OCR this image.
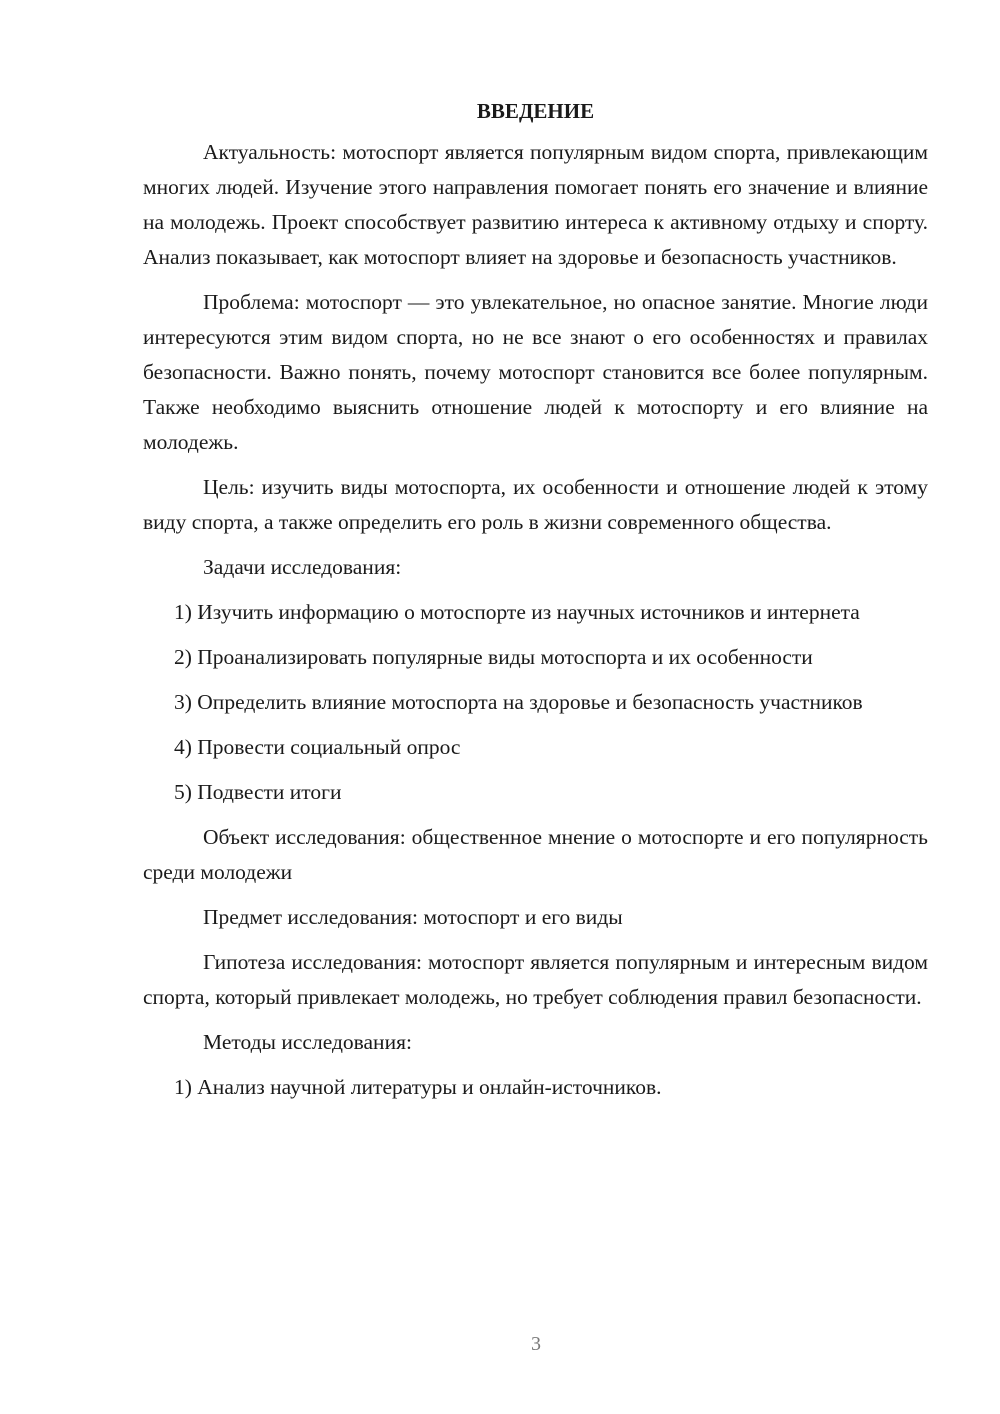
ВВЕДЕНИЕ

Актуальность: мотоспорт является популярным видом спорта, привлекающим многих людей. Изучение этого направления помогает понять его значение и влияние на молодежь. Проект способствует развитию интереса к активному отдыху и спорту. Анализ показывает, как мотоспорт влияет на здоровье и безопасность участников.

Проблема: мотоспорт — это увлекательное, но опасное занятие. Многие люди интересуются этим видом спорта, но не все знают о его особенностях и правилах безопасности. Важно понять, почему мотоспорт становится все более популярным. Также необходимо выяснить отношение людей к мотоспорту и его влияние на молодежь.

Цель: изучить виды мотоспорта, их особенности и отношение людей к этому виду спорта, а также определить его роль в жизни современного общества.

Задачи исследования:

1) Изучить информацию о мотоспорте из научных источников и интернета

2) Проанализировать популярные виды мотоспорта и их особенности

3) Определить влияние мотоспорта на здоровье и безопасность участников

4) Провести социальный опрос

5) Подвести итоги

Объект исследования: общественное мнение о мотоспорте и его популярность среди молодежи

Предмет исследования: мотоспорт и его виды

Гипотеза исследования: мотоспорт является популярным и интересным видом спорта, который привлекает молодежь, но требует соблюдения правил безопасности.

Методы исследования:

1) Анализ научной литературы и онлайн-источников.

3
